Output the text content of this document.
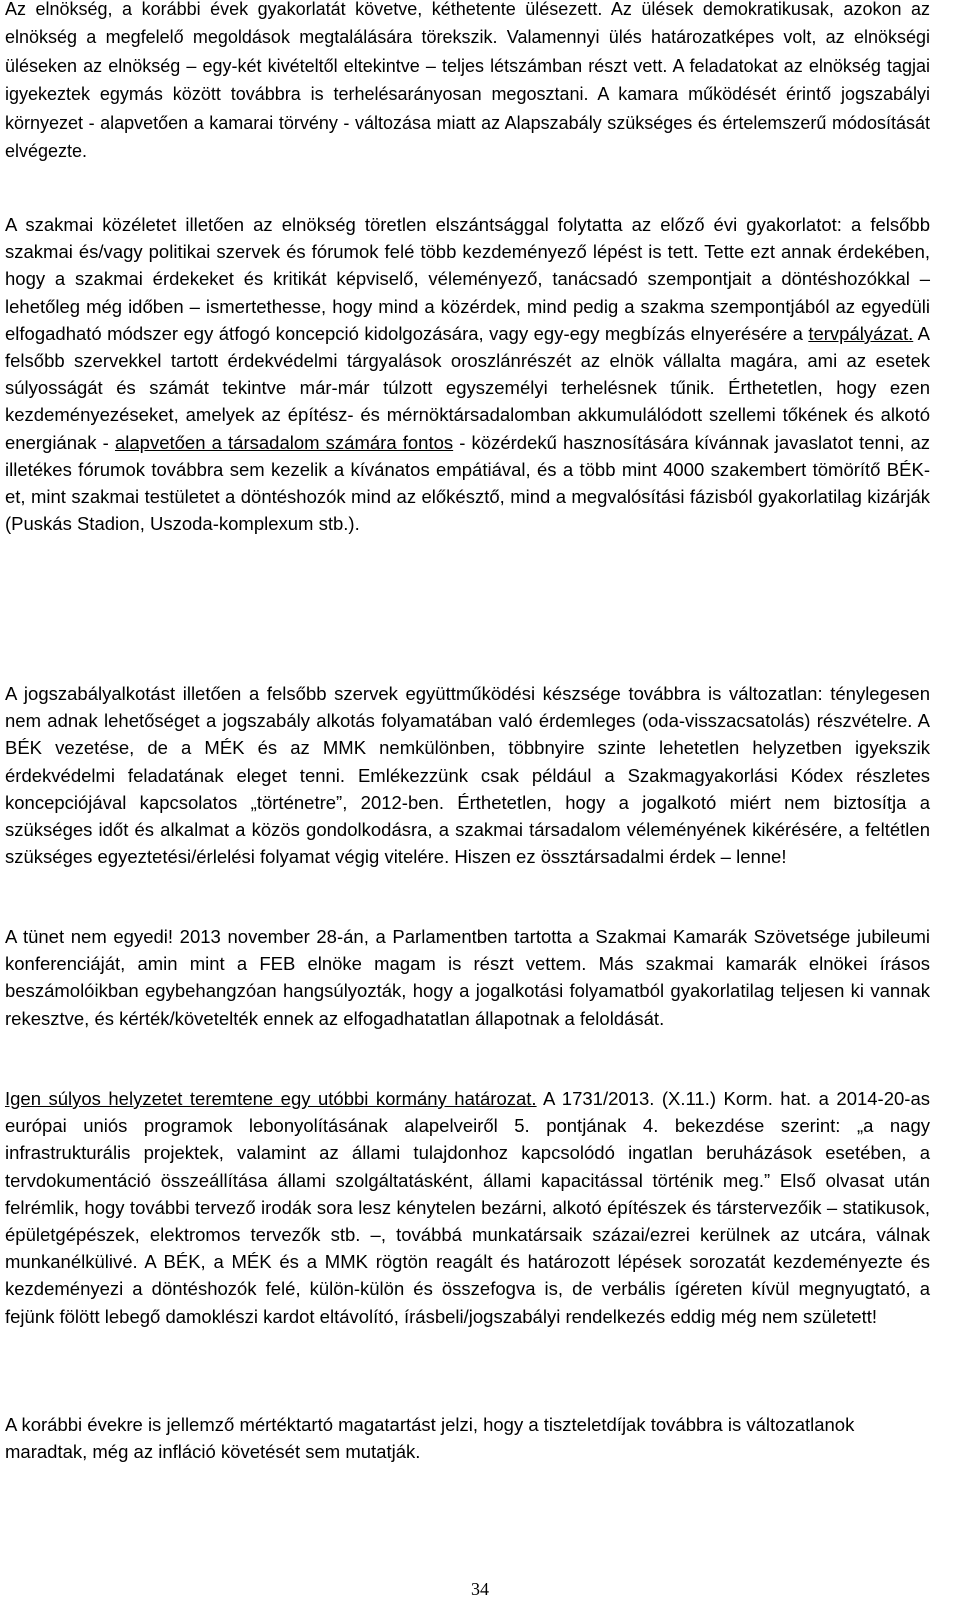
Az elnökség, a korábbi évek gyakorlatát követve, kéthetente ülésezett. Az ülések demokratikusak, azokon az elnökség a megfelelő megoldások megtalálására törekszik. Valamennyi ülés határozatképes volt, az elnökségi üléseken az elnökség – egy-két kivételtől eltekintve – teljes létszámban részt vett. A feladatokat az elnökség tagjai igyekeztek egymás között továbbra is terhelésarányosan megosztani. A kamara működését érintő jogszabályi környezet - alapvetően a kamarai törvény - változása miatt az Alapszabály szükséges és értelemszerű módosítását elvégezte.

A szakmai közéletet illetően az elnökség töretlen elszántsággal folytatta az előző évi gyakorlatot: a felsőbb szakmai és/vagy politikai szervek és fórumok felé több kezdeményező lépést is tett. Tette ezt annak érdekében, hogy a szakmai érdekeket és kritikát képviselő, véleményező, tanácsadó szempontjait a döntéshozókkal – lehetőleg még időben – ismertethesse, hogy mind a közérdek, mind pedig a szakma szempontjából az egyedüli elfogadható módszer egy átfogó koncepció kidolgozására, vagy egy-egy megbízás elnyerésére a tervpályázat. A felsőbb szervekkel tartott érdekvédelmi tárgyalások oroszlánrészét az elnök vállalta magára, ami az esetek súlyosságát és számát tekintve már-már túlzott egyszemélyi terhelésnek tűnik. Érthetetlen, hogy ezen kezdeményezéseket, amelyek az építész- és mérnöktársadalomban akkumulálódott szellemi tőkének és alkotó energiának - alapvetően a társadalom számára fontos - közérdekű hasznosítására kívánnak javaslatot tenni, az illetékes fórumok továbbra sem kezelik a kívánatos empátiával, és a több mint 4000 szakembert tömörítő BÉK-et, mint szakmai testületet a döntéshozók mind az előkésztő, mind a megvalósítási fázisból gyakorlatilag kizárják (Puskás Stadion, Uszoda-komplexum stb.).

A jogszabályalkotást illetően a felsőbb szervek együttműködési készsége továbbra is változatlan: ténylegesen nem adnak lehetőséget a jogszabály alkotás folyamatában való érdemleges (oda-visszacsatolás) részvételre. A BÉK vezetése, de a MÉK és az MMK nemkülönben, többnyire szinte lehetetlen helyzetben igyekszik érdekvédelmi feladatának eleget tenni. Emlékezzünk csak például a Szakmagyakorlási Kódex részletes koncepciójával kapcsolatos „történetre”, 2012-ben. Érthetetlen, hogy a jogalkotó miért nem biztosítja a szükséges időt és alkalmat a közös gondolkodásra, a szakmai társadalom véleményének kikérésére, a feltétlen szükséges egyeztetési/érlelési folyamat végig vitelére. Hiszen ez össztársadalmi érdek – lenne!

A tünet nem egyedi! 2013 november 28-án, a Parlamentben tartotta a Szakmai Kamarák Szövetsége jubileumi konferenciáját, amin mint a FEB elnöke magam is részt vettem. Más szakmai kamarák elnökei írásos beszámolóikban egybehangzóan hangsúlyozták, hogy a jogalkotási folyamatból gyakorlatilag teljesen ki vannak rekesztve, és kérték/követelték ennek az elfogadhatatlan állapotnak a feloldását.

Igen súlyos helyzetet teremtene egy utóbbi kormány határozat. A 1731/2013. (X.11.) Korm. hat. a 2014-20-as európai uniós programok lebonyolításának alapelveiről 5. pontjának 4. bekezdése szerint: „a nagy infrastrukturális projektek, valamint az állami tulajdonhoz kapcsolódó ingatlan beruházások esetében, a tervdokumentáció összeállítása állami szolgáltatásként, állami kapacitással történik meg.” Első olvasat után felrémlik, hogy további tervező irodák sora lesz kénytelen bezárni, alkotó építészek és társtervezőik – statikusok, épületgépészek, elektromos tervezők stb. –, továbbá munkatársaik százai/ezrei kerülnek az utcára, válnak munkanélkülivé. A BÉK, a MÉK és a MMK rögtön reagált és határozott lépések sorozatát kezdeményezte és kezdeményezi a döntéshozók felé, külön-külön és összefogva is, de verbális ígéreten kívül megnyugtató, a fejünk fölött lebegő damoklészi kardot eltávolító, írásbeli/jogszabályi rendelkezés eddig még nem született!

A korábbi évekre is jellemző mértéktartó magatartást jelzi, hogy a tiszteletdíjak továbbra is változatlanok maradtak, még az infláció követését sem mutatják.

34
